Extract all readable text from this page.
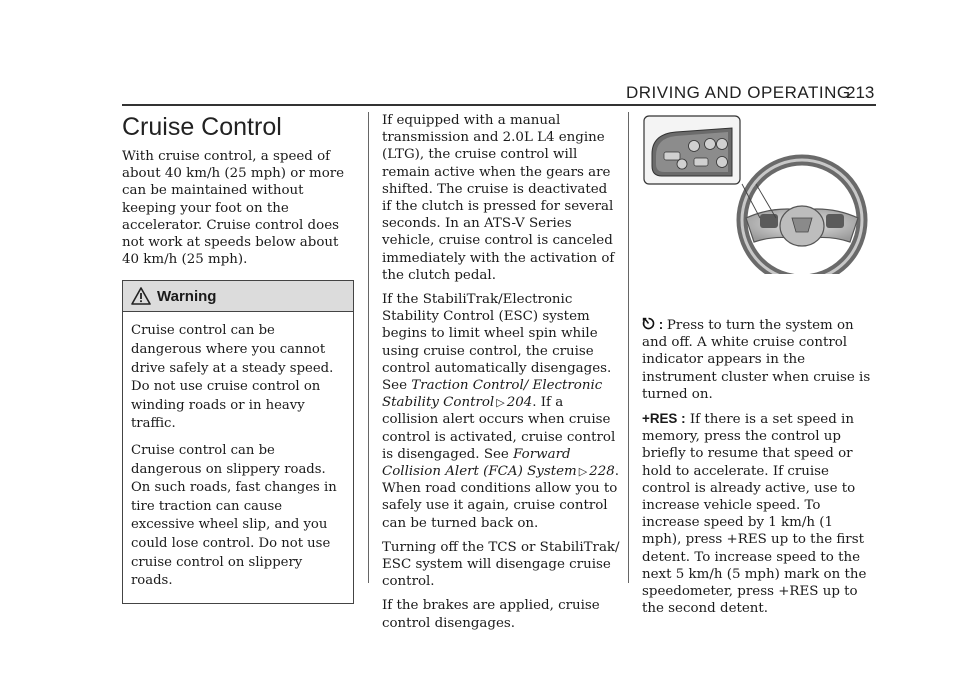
DRIVING AND OPERATING
213
Cruise Control

With cruise control, a speed of about 40 km/h (25 mph) or more can be maintained without keeping your foot on the accelerator. Cruise control does not work at speeds below about 40 km/h (25 mph).

Warning

Cruise control can be dangerous where you cannot drive safely at a steady speed. Do not use cruise control on winding roads or in heavy traffic.

Cruise control can be dangerous on slippery roads. On such roads, fast changes in tire traction can cause excessive wheel slip, and you could lose control. Do not use cruise control on slippery roads.

If equipped with a manual transmission and 2.0L L4 engine (LTG), the cruise control will remain active when the gears are shifted. The cruise is deactivated if the clutch is pressed for several seconds. In an ATS-V Series vehicle, cruise control is canceled immediately with the activation of the clutch pedal.

If the StabiliTrak/Electronic Stability Control (ESC) system begins to limit wheel spin while using cruise control, the cruise control automatically disengages. See Traction Control/ Electronic Stability Control ▷ 204. If a collision alert occurs when cruise control is activated, cruise control is disengaged. See Forward Collision Alert (FCA) System ▷ 228. When road conditions allow you to safely use it again, cruise control can be turned back on.

Turning off the TCS or StabiliTrak/ ESC system will disengage cruise control.

If the brakes are applied, cruise control disengages.

: Press to turn the system on and off. A white cruise control indicator appears in the instrument cluster when cruise is turned on.

+RES : If there is a set speed in memory, press the control up briefly to resume that speed or hold to accelerate. If cruise control is already active, use to increase vehicle speed. To increase speed by 1 km/h (1 mph), press +RES up to the first detent. To increase speed to the next 5 km/h (5 mph) mark on the speedometer, press +RES up to the second detent.
